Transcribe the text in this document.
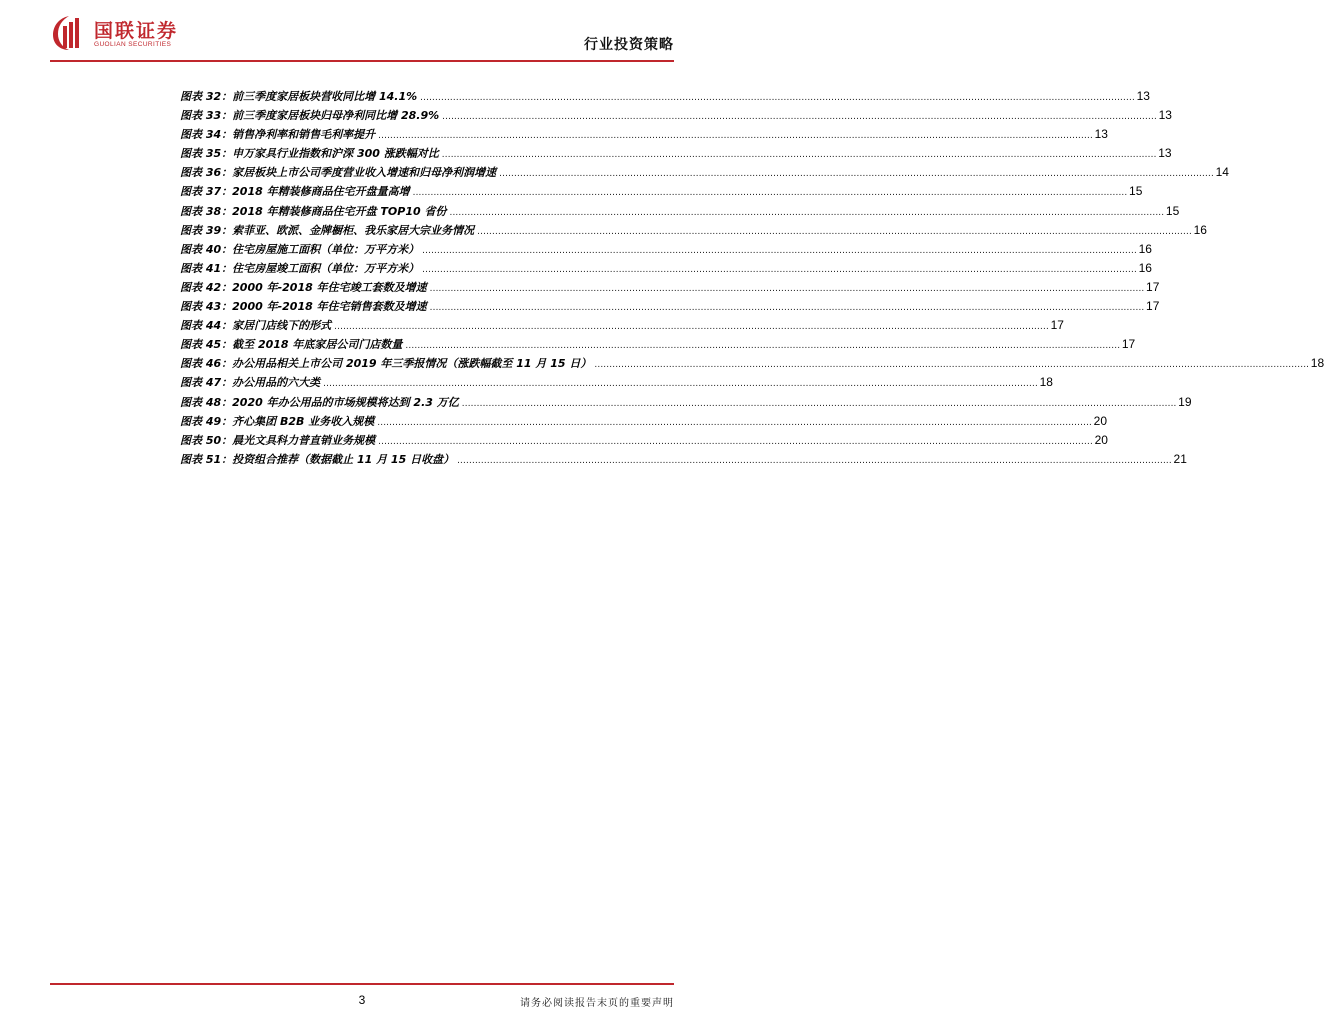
国联证券
GUOLIAN SECURITIES	行业投资策略
图表 32： 前三季度家居板块营收同比增 14.1% .....	13
图表 33： 前三季度家居板块归母净利同比增 28.9% .....	13
图表 34： 销售净利率和销售毛利率提升 .....	13
图表 35： 申万家具行业指数和沪深 300 涨跌幅对比 .....	13
图表 36： 家居板块上市公司季度营业收入增速和归母净利润增速 .....	14
图表 37： 2018 年精装修商品住宅开盘量高增 .....	15
图表 38： 2018 年精装修商品住宅开盘 TOP10 省份 .....	15
图表 39： 索菲亚、欧派、金牌橱柜、我乐家居大宗业务情况 .....	16
图表 40： 住宅房屋施工面积（单位：万平方米） .....	16
图表 41： 住宅房屋竣工面积（单位：万平方米） .....	16
图表 42： 2000 年-2018 年住宅竣工套数及增速 .....	17
图表 43： 2000 年-2018 年住宅销售套数及增速 .....	17
图表 44： 家居门店线下的形式 .....	17
图表 45： 截至 2018 年底家居公司门店数量 .....	17
图表 46： 办公用品相关上市公司 2019 年三季报情况（涨跌幅截至 11 月 15 日） .....	18
图表 47： 办公用品的六大类 .....	18
图表 48： 2020 年办公用品的市场规模将达到 2.3 万亿 .....	19
图表 49： 齐心集团 B2B 业务收入规模 .....	20
图表 50： 晨光文具科力普直销业务规模 .....	20
图表 51： 投资组合推荐（数据截止 11 月 15 日收盘） .....	21
3	请务必阅读报告末页的重要声明
